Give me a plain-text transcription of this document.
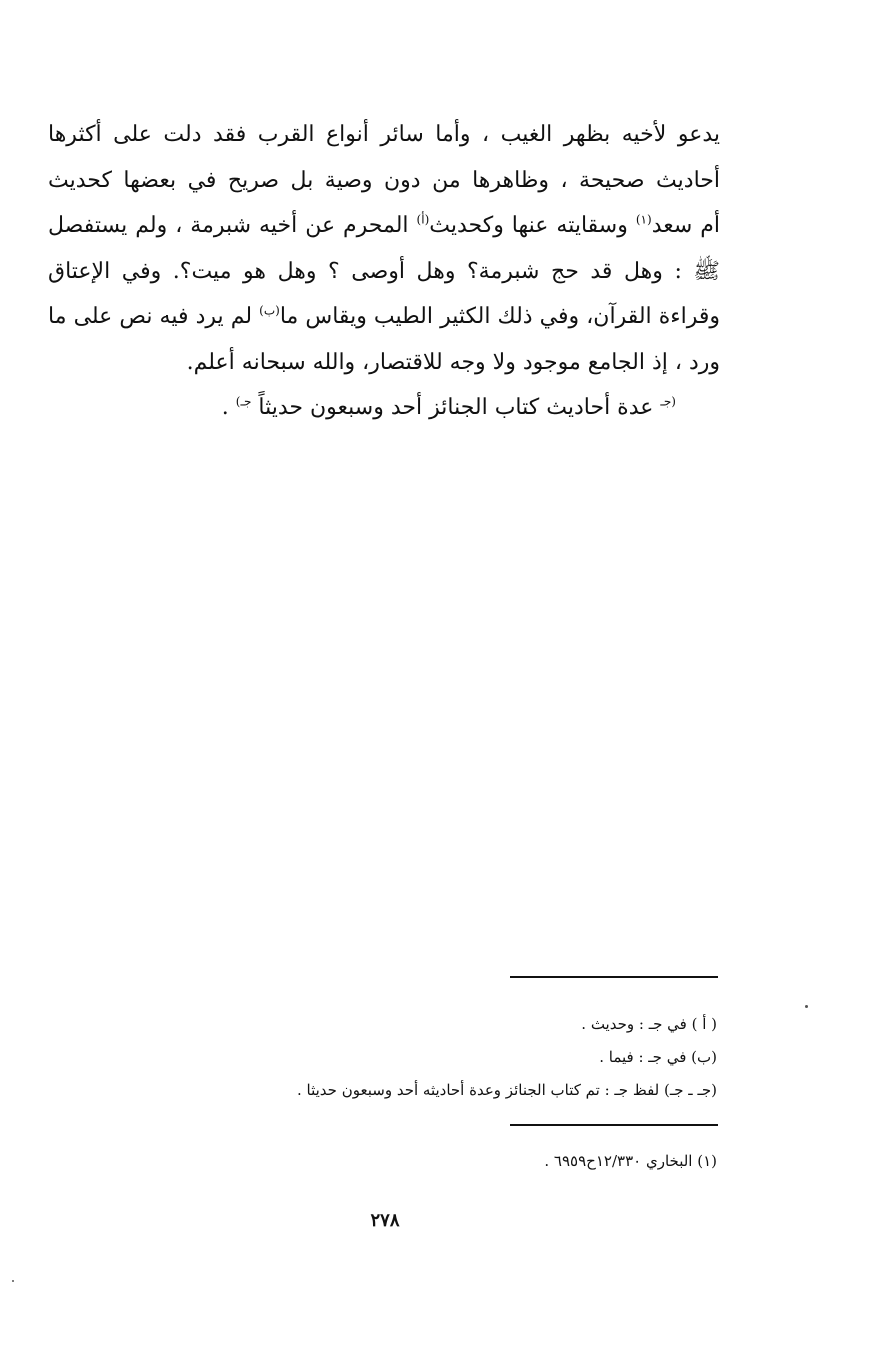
يدعو لأخيه بظهر الغيب ، وأما سائر أنواع القرب فقد دلت على أكثرها
أحاديث صحيحة ، وظاهرها من دون وصية بل صريح في بعضها كحديث
أم سعد$^{(١)}$ وسقايته عنها وكحديث$^{(أ)}$ المحرم عن أخيه شبرمة ، ولم يستفصل
ﷺ : وهل قد حج شبرمة؟ وهل أوصى ؟ وهل هو ميت؟. وفي الإعتاق
وقراءة القرآن، وفي ذلك الكثير الطيب ويقاس ما$^{(ب)}$ لم يرد فيه نص على ما
ورد ، إذ الجامع موجود ولا وجه للاقتصار، والله سبحانه أعلم.
$^{(جـ}$ عدة أحاديث كتاب الجنائز أحد وسبعون حديثاً $^{جـ)}$ .
( أ ) في جـ : وحديث .
(ب) في جـ : فيما .
(جـ ـ جـ) لفظ جـ : تم كتاب الجنائز وعدة أحاديثه أحد وسبعون حديثا .
(١) البخاري ١٢/٣٣٠ح٦٩٥٩ .
٢٧٨
